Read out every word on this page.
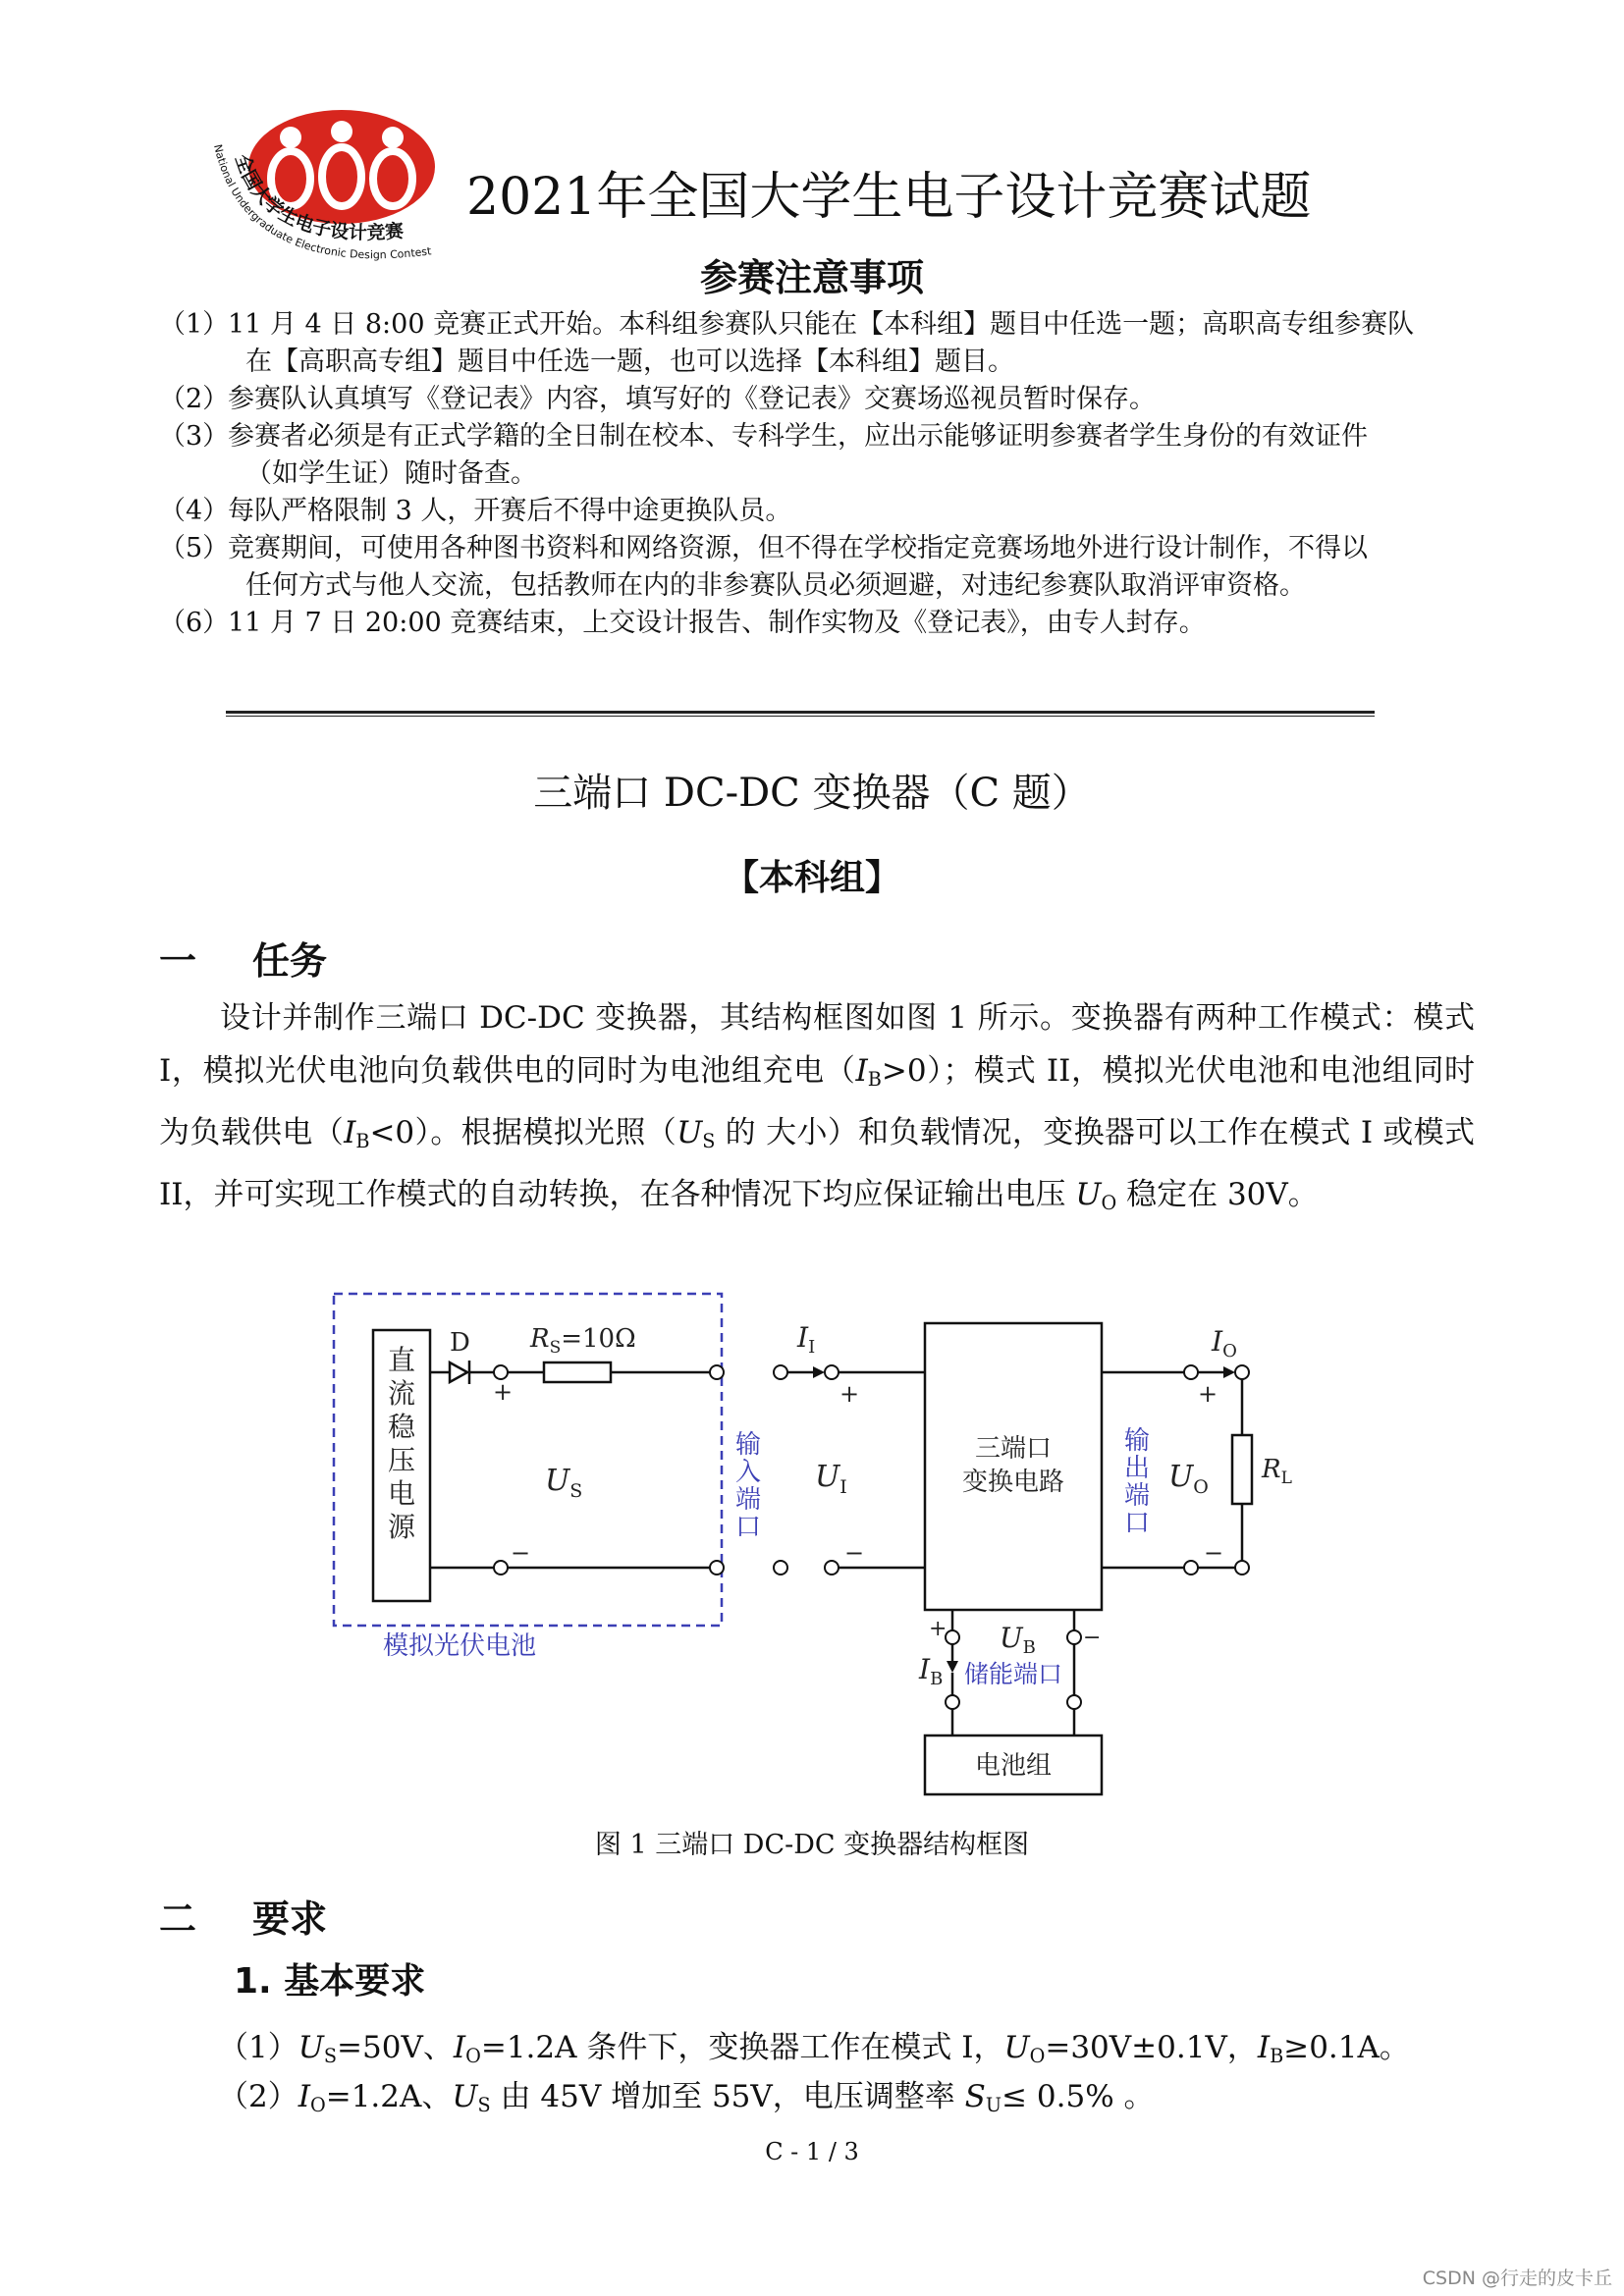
全国大学生电子设计竞赛
National Undergraduate Electronic Design Contest
2021年全国大学生电子设计竞赛试题
参赛注意事项
（1）11 月 4 日 8:00 竞赛正式开始。本科组参赛队只能在【本科组】题目中任选一题；高职高专组参赛队
在【高职高专组】题目中任选一题，也可以选择【本科组】题目。
（2）参赛队认真填写《登记表》内容，填写好的《登记表》交赛场巡视员暂时保存。
（3）参赛者必须是有正式学籍的全日制在校本、专科学生，应出示能够证明参赛者学生身份的有效证件
（如学生证）随时备查。
（4）每队严格限制 3 人，开赛后不得中途更换队员。
（5）竞赛期间，可使用各种图书资料和网络资源，但不得在学校指定竞赛场地外进行设计制作，不得以
任何方式与他人交流，包括教师在内的非参赛队员必须迴避，对违纪参赛队取消评审资格。
（6）11 月 7 日 20:00 竞赛结束，上交设计报告、制作实物及《登记表》，由专人封存。
三端口 DC-DC 变换器（C 题）
【本科组】
一 任务
设计并制作三端口 DC-DC 变换器，其结构框图如图 1 所示。变换器有两种工作模式：模式 I，模拟光伏电池向负载供电的同时为电池组充电$(I_B>0)$；模式 II，模拟光伏电池和电池组同时为负载供电$(I_B<0)$。根据模拟光照（$U_S$ 的 大小）和负载情况，变换器可以工作在模式 I 或模式 II，并可实现工作模式的自动转换，在各种情况下均应保证输出电压 $U_O$ 稳定在 30V。
直
流
稳
压
电
源
D
+
$R_S=10\Omega$
−
$U_S$
模拟光伏电池
输
入
端
口
$I_I$
+
−
$U_I$
三端口
变换电路
输
出
端
口
+
$I_O$
−
$U_O$
$R_L$
+
$I_B$
−
$U_B$
储能端口
电池组
图 1 三端口 DC-DC 变换器结构框图
二 要求
1. 基本要求
$(1)U_S=50V$、$I_O=1.2A$ 条件下，变换器工作在模式 I，$U_O=30V\pm 0.1V$，$I_B\ge 0.1A$。
$(2)I_O=1.2A$、$U_S$ 由 45V 增加至 55V，电压调整率 $S_U\le 0.5\%$ 。
C - 1 / 3
CSDN @行走的皮卡丘
